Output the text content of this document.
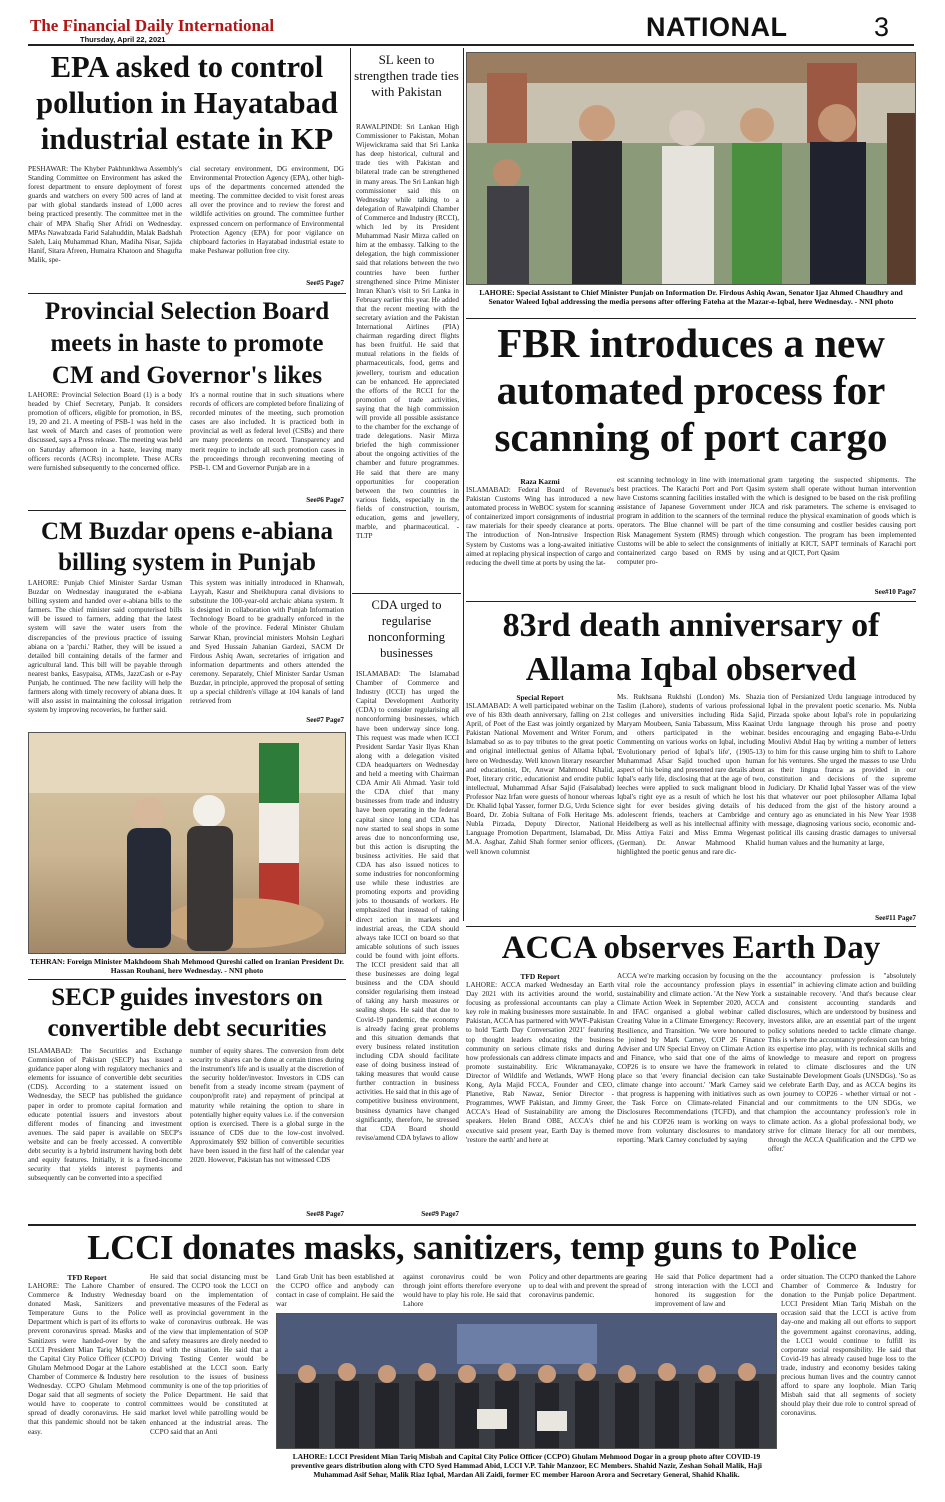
The Financial Daily International
Thursday, April 22, 2021	NATIONAL	3
EPA asked to control pollution in Hayatabad industrial estate in KP
PESHAWAR: The Khyber Pakhtunkhwa Assembly's Standing Committee on Environment has asked the forest department to ensure deployment of forest guards and watchers on every 500 acres of land at par with global standards instead of 1,000 acres being practiced presently. The committee met in the chair of MPA Shafiq Sher Afridi on Wednesday. MPAs Nawabzada Farid Salahuddin, Malak Badshah Saleh, Laiq Muhammad Khan, Madiha Nisar, Sajida Hanif, Sitara Afreen, Humaira Khatoon and Shagufta Malik, spe-
cial secretary environment, DG environment, DG Environmental Protection Agency (EPA), other high-ups of the departments concerned attended the meeting. The committee decided to visit forest areas all over the province and to review the forest and wildlife activities on ground. The committee further expressed concern on performance of Environmental Protection Agency (EPA) for poor vigilance on chipboard factories in Hayatabad industrial estate to make Peshawar pollution free city.
See#5 Page7
Provincial Selection Board meets in haste to promote CM and Governor's likes
LAHORE: Provincial Selection Board (1) is a body headed by Chief Secretary, Punjab. It considers promotion of officers, eligible for promotion, in BS, 19, 20 and 21. A meeting of PSB-1 was held in the last week of March and cases of promotion were discussed, says a Press release. The meeting was held on Saturday afternoon in a haste, leaving many officers records (ACRs) incomplete. These ACRs were furnished subsequently to the concerned office.
It's a normal routine that in such situations where records of officers are completed before finalizing of recorded minutes of the meeting, such promotion cases are also included. It is practiced both in provincial as well as federal level (CSBs) and there are many precedents on record. Transparency and merit require to include all such promotion cases in the proceedings through reconvening meeting of PSB-1. CM and Governor Punjab are in a
See#6 Page7
CM Buzdar opens e-abiana billing system in Punjab
LAHORE: Punjab Chief Minister Sardar Usman Buzdar on Wednesday inaugurated the e-abiana billing system and handed over e-abiana bills to the farmers. The chief minister said computerised bills will be issued to farmers, adding that the latest system will save the water users from the discrepancies of the previous practice of issuing abiana on a 'parchi.' Rather, they will be issued a detailed bill containing details of the farmer and agricultural land. This bill will be payable through nearest banks, Easypaisa, ATMs, JazzCash or e-Pay Punjab, he continued. The new facility will help the farmers along with timely recovery of abiana dues. It will also assist in maintaining the colossal irrigation system by improving recoveries, he further said.
This system was initially introduced in Khanwah, Layyah, Kasur and Sheikhupura canal divisions to substitute the 100-year-old archaic abiana system. It is designed in collaboration with Punjab Information Technology Board to be gradually enforced in the whole of the province. Federal Minister Ghulam Sarwar Khan, provincial ministers Mohsin Leghari and Syed Hussain Jahanian Gardezi, SACM Dr Firdous Ashiq Awan, secretaries of irrigation and information departments and others attended the ceremony. Separately, Chief Minister Sardar Usman Buzdar, in principle, approved the proposal of setting up a special children's village at 104 kanals of land retrieved from
See#7 Page7
TEHRAN: Foreign Minister Makhdoom Shah Mehmood Qureshi called on Iranian President Dr. Hassan Rouhani, here Wednesday. - NNI photo
SECP guides investors on convertible debt securities
ISLAMABAD: The Securities and Exchange Commission of Pakistan (SECP) has issued a guidance paper along with regulatory mechanics and elements for issuance of convertible debt securities (CDS). According to a statement issued on Wednesday, the SECP has published the guidance paper in order to promote capital formation and educate potential issuers and investors about different modes of financing and investment avenues. The said paper is available on SECP's website and can be freely accessed. A convertible debt security is a hybrid instrument having both debt and equity features. Initially, it is a fixed-income security that yields interest payments and subsequently can be converted into a specified
number of equity shares. The conversion from debt security to shares can be done at certain times during the instrument's life and is usually at the discretion of the security holder/investor. Investors in CDS can benefit from a steady income stream (payment of coupon/profit rate) and repayment of principal at maturity while retaining the option to share in potentially higher equity values i.e. if the conversion option is exercised. There is a global surge in the issuance of CDS due to the low-cost involved. Approximately $92 billion of convertible securities have been issued in the first half of the calendar year 2020. However, Pakistan has not witnessed CDS
See#8 Page7
SL keen to strengthen trade ties with Pakistan
RAWALPINDI: Sri Lankan High Commissioner to Pakistan, Mohan Wijewickrama said that Sri Lanka has deep historical, cultural and trade ties with Pakistan and bilateral trade can be strengthened in many areas. The Sri Lankan high commissioner said this on Wednesday while talking to a delegation of Rawalpindi Chamber of Commerce and Industry (RCCI), which led by its President Muhammad Nasir Mirza called on him at the embassy. Talking to the delegation, the high commissioner said that relations between the two countries have been further strengthened since Prime Minister Imran Khan's visit to Sri Lanka in February earlier this year. He added that the recent meeting with the secretary aviation and the Pakistan International Airlines (PIA) chairman regarding direct flights has been fruitful. He said that mutual relations in the fields of pharmaceuticals, food, gems and jewellery, tourism and education can be enhanced. He appreciated the efforts of the RCCI for the promotion of trade activities, saying that the high commission will provide all possible assistance to the chamber for the exchange of trade delegations. Nasir Mirza briefed the high commissioner about the ongoing activities of the chamber and future programmes. He said that there are many opportunities for cooperation between the two countries in various fields, especially in the fields of construction, tourism, education, gems and jewellery, marble, and pharmaceutical. - TLTP
CDA urged to regularise nonconforming businesses
ISLAMABAD: The Islamabad Chamber of Commerce and Industry (ICCI) has urged the Capital Development Authority (CDA) to consider regularising all nonconforming businesses, which have been underway since long. This request was made when ICCI President Sardar Yasir Ilyas Khan along with a delegation visited CDA headquarters on Wednesday and held a meeting with Chairman CDA Amir Ali Ahmad. Yasir told the CDA chief that many businesses from trade and industry have been operating in the federal capital since long and CDA has now started to seal shops in some areas due to nonconforming use, but this action is disrupting the business activities. He said that CDA has also issued notices to some industries for nonconforming use while these industries are promoting exports and providing jobs to thousands of workers. He emphasized that instead of taking direct action in markets and industrial areas, the CDA should always take ICCI on board so that amicable solutions of such issues could be found with joint efforts. The ICCI president said that all these businesses are doing legal business and the CDA should consider regularising them instead of taking any harsh measures or sealing shops. He said that due to Covid-19 pandemic, the economy is already facing great problems and this situation demands that every business related institution including CDA should facilitate ease of doing business instead of taking measures that would cause further contraction in business activities. He said that in this age of competitive business environment, business dynamics have changed significantly, therefore, he stressed that CDA Board should revise/amend CDA bylaws to allow
See#9 Page7
LAHORE: Special Assistant to Chief Minister Punjab on Information Dr. Firdous Ashiq Awan, Senator Ijaz Ahmed Chaudhry and Senator Waleed Iqbal addressing the media persons after offering Fateha at the Mazar-e-Iqbal, here Wednesday. - NNI photo
FBR introduces a new automated process for scanning of port cargo
Raza Kazmi
ISLAMABAD: Federal Board of Revenue's Pakistan Customs Wing has introduced a new automated process in WeBOC system for scanning of containerized import consignments of industrial raw materials for their speedy clearance at ports. The introduction of Non-Intrusive Inspection System by Customs was a long-awaited initiative aimed at replacing physical inspection of cargo and reducing the dwell time at ports by using the lat-
est scanning technology in line with international best practices. The Karachi Port and Port Qasim have Customs scanning facilities installed with the assistance of Japanese Government under JICA program in addition to the scanners of the terminal operators. The Blue channel will be part of the Risk Management System (RMS) through which Customs will be able to select the consignments of containerized cargo based on RMS by using computer pro-
gram targeting the suspected shipments. The system shall operate without human intervention which is designed to be based on the risk profiling and risk parameters. The scheme is envisaged to reduce the physical examination of goods which is time consuming and costlier besides causing port congestion. The program has been implemented initially at KICT, SAPT terminals of Karachi port and at QICT, Port Qasim
See#10 Page7
83rd death anniversary of Allama Iqbal observed
Special Report
ISLAMABAD: A well participated webinar on the eve of his 83th death anniversary, falling on 21st April, of Poet of the East was jointly organized by Pakistan National Movement and Writer Forum, Islamabad so as to pay tributes to the great poetic and original intellectual genius of Allama Iqbal, here on Wednesday. Well known literary researcher and educationist, Dr, Anwar Mahmood Khalid, Poet, literary critic, educationist and erudite public intellectual, Muhammad Afsar Sajid (Faisalabad) Professor Naz Irfan were guests of honour whereas Dr. Khalid Iqbal Yasser, former D.G, Urdu Science Board, Dr. Zobia Sultana of Folk Heritage Ms. Nubla Pirzada, Deputy Director, National Language Promotion Department, Islamabad, Dr. M.A. Asghar, Zahid Shah former senior officers, well known columnist
Ms. Rukhsana Rukhshi (London) Ms. Shazia Taslim (Lahore), students of various professional colleges and universities including Rida Sajid, Maryam Moubeen, Sania Tabassum, Miss Kaainat and others participated in the webinar. Commenting on various works on Iqbal, including 'Evolutionary period of Iqbal's life', (1905-13) Muhammad Afsar Sajid touched upon human aspect of his being and presented rare details about Iqbal's early life, disclosing that at the age of two, leeches were applied to suck malignant blood in Iqbal's right eye as a result of which he lost his sight for ever besides giving details of his adolescent friends, teachers at Cambridge and Heidelberg as well as his intellectual affinity with Miss Attiya Faizi and Miss Emma Wegenast (German). Dr. Anwar Mahmood Khalid highlighted the poetic genus and rare dic-
tion of Persianized Urdu language introduced by Iqbal in the prevalent poetic scenario. Ms. Nubla Pirzada spoke about Iqbal's role in popularizing Urdu language through his prose and poetry besides encouraging and engaging Baba-e-Urdu Moulivi Abdul Haq by writing a number of letters to him for this cause urging him to shift to Lahore for his ventures. She urged the masses to use Urdu as their lingua franca as provided in our constitution and decisions of the supreme Judiciary. Dr Khalid Iqbal Yasser was of the view that whatever our poet philosopher Allama Iqbal deduced from the gist of the history around a century ago as enunciated in his New Year 1938 message, diagnosing various socio, economic and-political ills causing drastic damages to universal human values and the humanity at large,
See#11 Page7
ACCA observes Earth Day
TFD Report
LAHORE: ACCA marked Wednesday an Earth Day 2021 with its activities around the world, focusing as professional accountants can play a key role in making businesses more sustainable. In Pakistan, ACCA has partnered with WWF-Pakistan to hold 'Earth Day Conversation 2021' featuring top thought leaders educating the business community on serious climate risks and during how professionals can address climate impacts and promote sustainability. Eric Wikramanayake, Director of Wildlife and Wetlands, WWF Hong Kong, Ayla Majid FCCA, Founder and CEO, Planetive, Rab Nawaz, Senior Director - Programmes, WWF Pakistan, and Jimmy Greer, ACCA's Head of Sustainability are among the speakers. Helen Brand OBE, ACCA's chief executive said present year, Earth Day is themed 'restore the earth' and here at
ACCA we're marking occasion by focusing on the vital role the accountancy profession plays in sustainability and climate action. 'At the New York Climate Action Week in September 2020, ACCA and IFAC organised a global webinar called Creating Value in a Climate Emergency: Recovery, Resilience, and Transition. 'We were honoured to be joined by Mark Carney, COP 26 Finance Adviser and UN Special Envoy on Climate Action and Finance, who said that one of the aims of COP26 is to ensure we have the framework in place so that 'every financial decision can take climate change into account.' 'Mark Carney said that progress is happening with initiatives such as the Task Force on Climate-related Financial Disclosures Recommendations (TCFD), and that he and his COP26 team is working on ways to move from voluntary disclosures to mandatory reporting. 'Mark Carney concluded by saying
the accountancy profession is "absolutely essential" in achieving climate action and building a sustainable recovery. 'And that's because clear and consistent accounting standards and disclosures, which are understood by business and investors alike, are an essential part of the urgent policy solutions needed to tackle climate change. This is where the accountancy profession can bring its expertise into play, with its technical skills and knowledge to measure and report on progress related to climate disclosures and the UN Sustainable Development Goals (UNSDGs). 'So as we celebrate Earth Day, and as ACCA begins its own journey to COP26 - whether virtual or not - and our commitments to the UN SDGs, we champion the accountancy profession's role in climate action. As a global professional body, we strive for climate literacy for all our members, through the ACCA Qualification and the CPD we offer.'
LCCI donates masks, sanitizers, temp guns to Police
TFD Report
LAHORE: The Lahore Chamber of Commerce & Industry Wednesday donated Mask, Sanitizers and Temperature Guns to the Police Department which is part of its efforts to prevent coronavirus spread. Masks and Sanitizers were handed-over by the LCCI President Mian Tariq Misbah to the Capital City Police Officer (CCPO) Ghulam Mehmood Dogar at the Lahore Chamber of Commerce & Industry here Wednesday. CCPO Ghulam Mehmood Dogar said that all segments of society would have to cooperate to control spread of deadly coronavirus. He said that this pandemic should not be taken easy.
He said that social distancing must be ensured. The CCPO took the LCCI on board on the implementation of preventative measures of the Federal as well as provincial government in the wake of coronavirus outbreak. He was of the view that implementation of SOP and safety measures are direly needed to deal with the situation. He said that a Driving Testing Center would be established at the LCCI soon. Early resolution to the issues of business community is one of the top priorities of the Police Department. He said that committees would be constituted at market level while patrolling would be enhanced at the industrial areas. The CCPO said that an Anti
Land Grab Unit has been established at the CCPO office and anybody can contact in case of complaint. He said the war
against coronavirus could be won through joint efforts therefore everyone would have to play his role. He said that Lahore
Policy and other departments are gearing up to deal with and prevent the spread of coronavirus pandemic.
He said that Police department had a strong interaction with the LCCI and honored its suggestion for the improvement of law and
order situation. The CCPO thanked the Lahore Chamber of Commerce & Industry for donation to the Punjab police Department. LCCI President Mian Tariq Misbah on the occasion said that the LCCI is active from day-one and making all out efforts to support the government against coronavirus, adding, the LCCI would continue to fulfill its corporate social responsibility. He said that Covid-19 has already caused huge loss to the trade, industry and economy besides taking precious human lives and the country cannot afford to spare any loophole. Mian Tariq Misbah said that all segments of society should play their due role to control spread of coronavirus.
LAHORE: LCCI President Mian Tariq Misbah and Capital City Police Officer (CCPO) Ghulam Mehmood Dogar in a group photo after COVID-19 preventive gears distribution along with CTO Syed Hammad Abid, LCCI V.P. Tahir Manzoor, EC Members. Shahid Nazir, Zeshan Sohail Malik, Haji Muhammad Asif Sehar, Malik Riaz Iqbal, Mardan Ali Zaidi, former EC member Haroon Arora and Secretary General, Shahid Khalik.
